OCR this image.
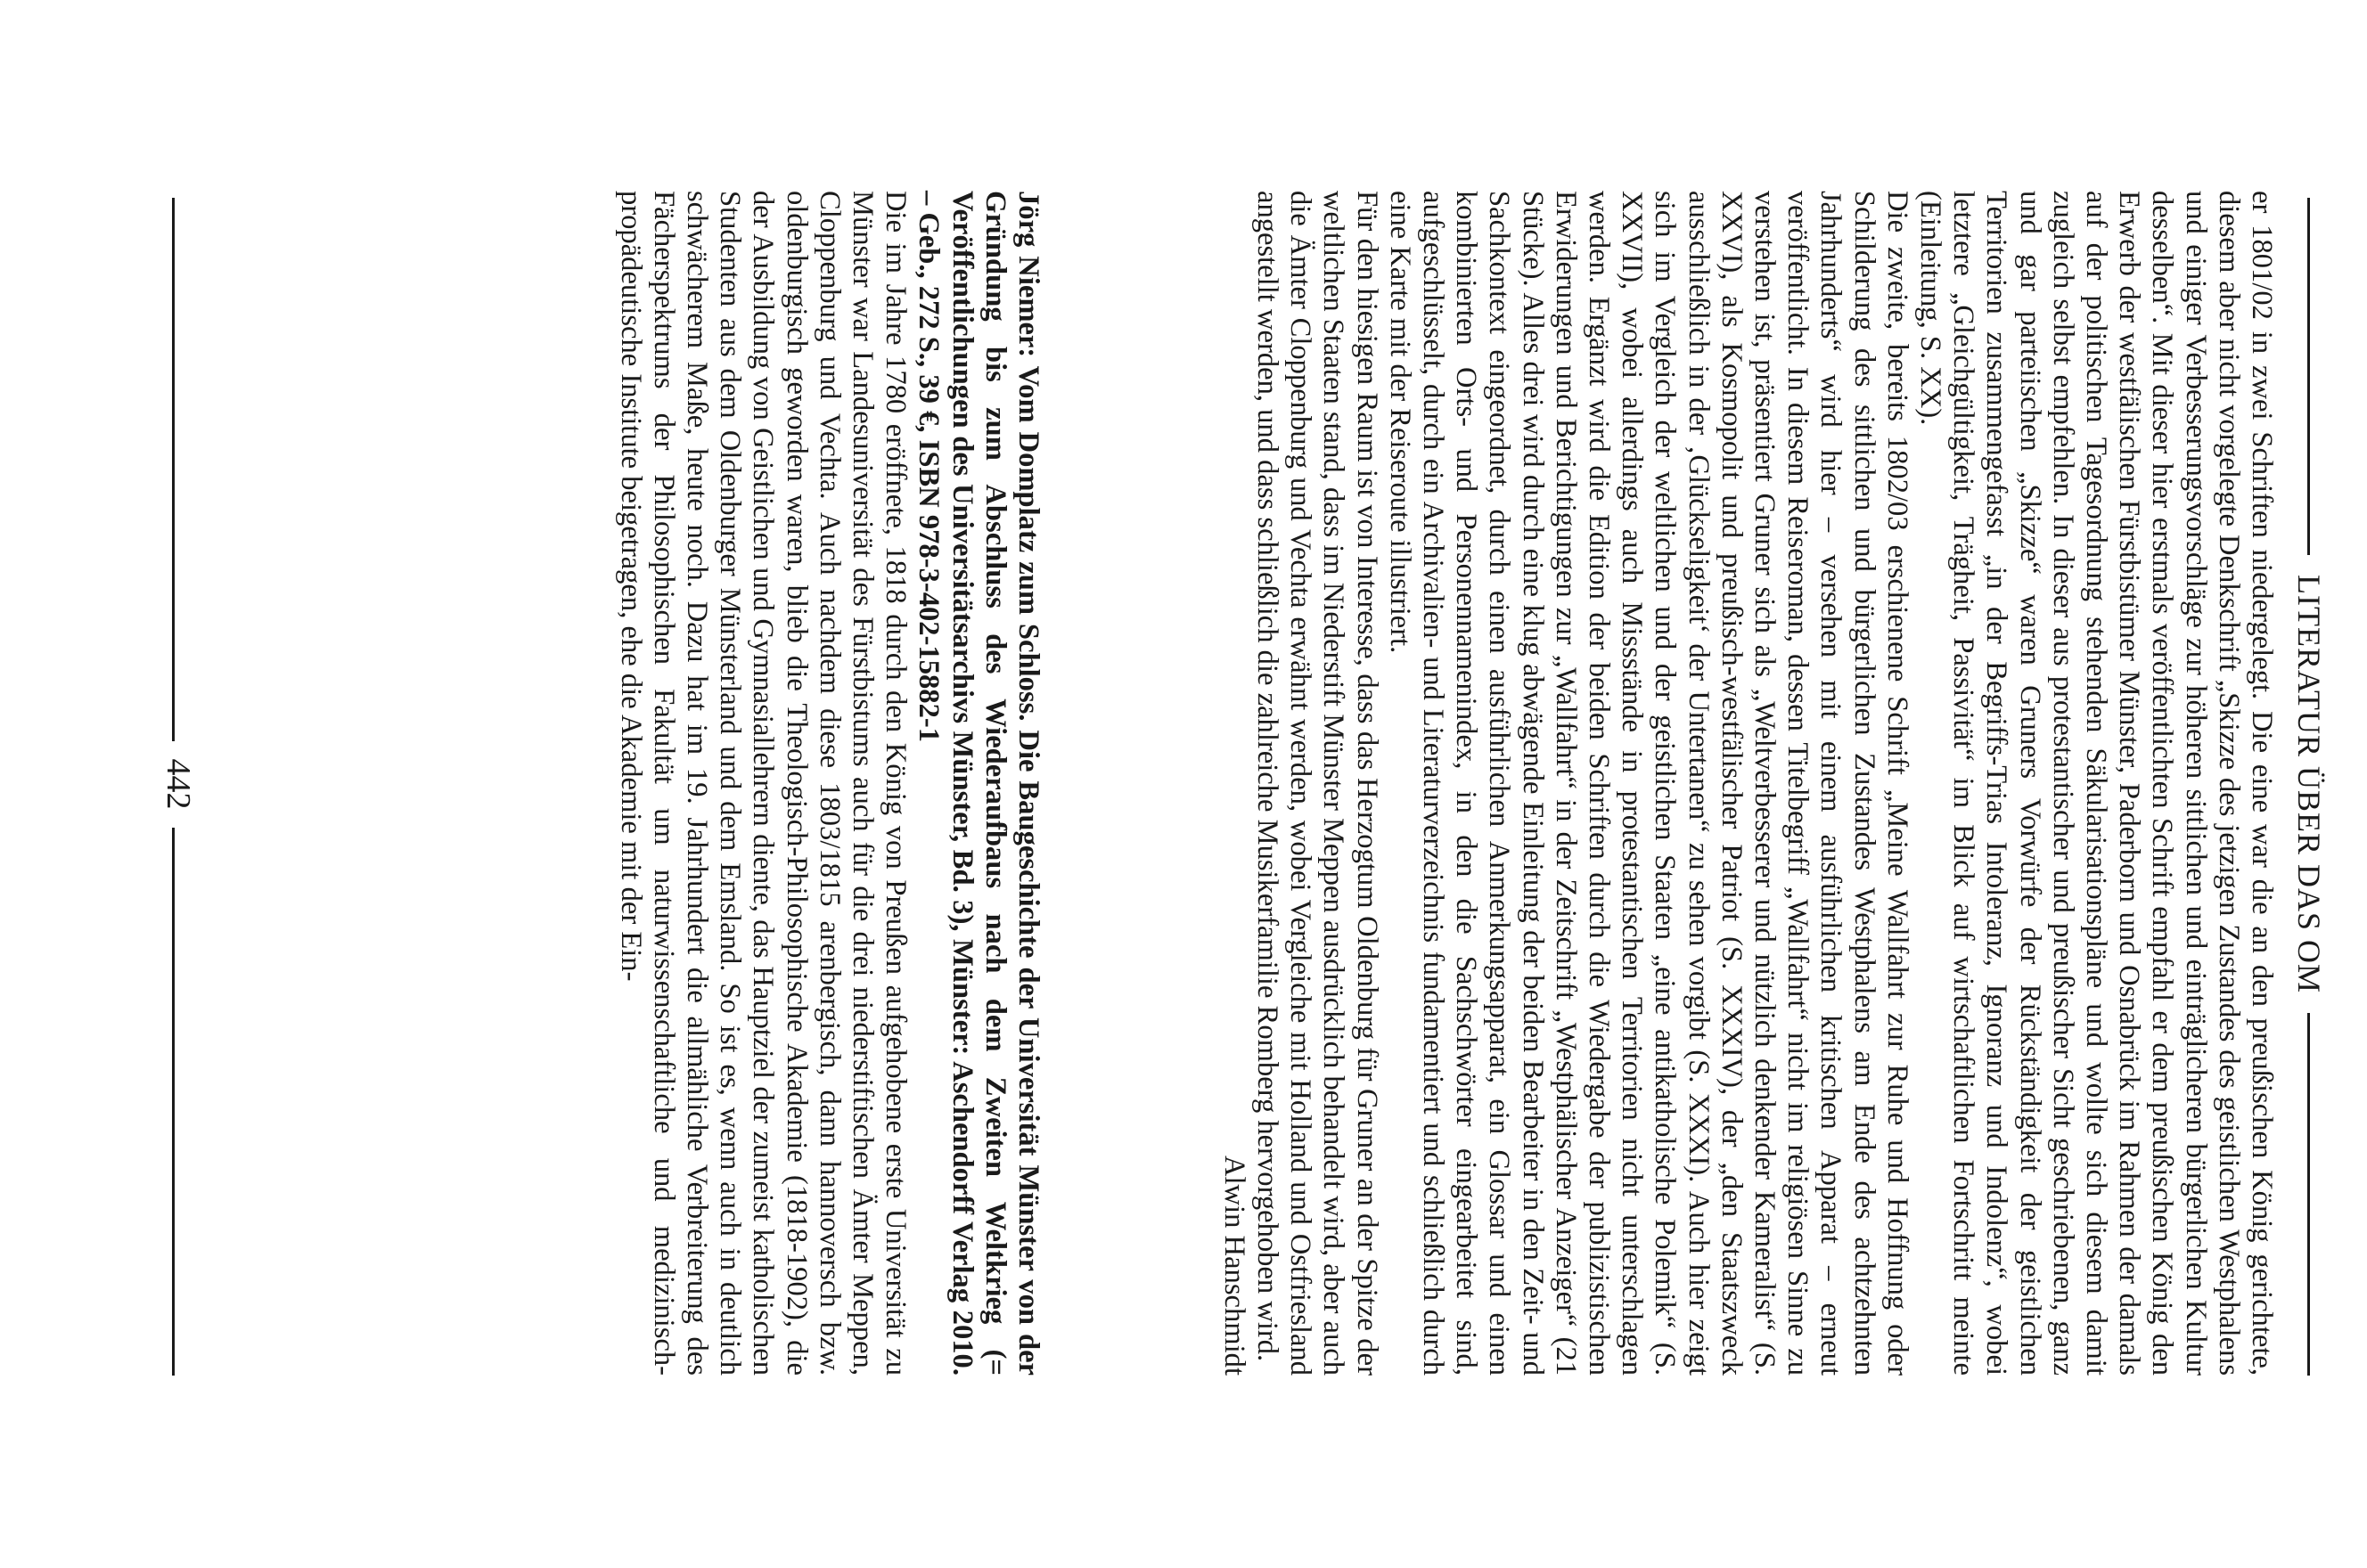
LITERATUR ÜBER DAS OM

er 1801/02 in zwei Schriften niedergelegt. Die eine war die an den preußischen König gerichtete, diesem aber nicht vorgelegte Denkschrift „Skizze des jetzigen Zustandes des geistlichen Westphalens und einiger Verbesserungsvorschläge zur höheren sittlichen und einträglicheren bürgerlichen Kultur desselben“. Mit dieser hier erstmals veröffentlichten Schrift empfahl er dem preußischen König den Erwerb der westfälischen Fürstbistümer Münster, Paderborn und Osnabrück im Rahmen der damals auf der politischen Tagesordnung stehenden Säkularisationspläne und wollte sich diesem damit zugleich selbst empfehlen. In dieser aus protestantischer und preußischer Sicht geschriebenen, ganz und gar parteiischen „Skizze“ waren Gruners Vorwürfe der Rückständigkeit der geistlichen Territorien zusammengefasst „in der Begriffs-Trias Intoleranz, Ignoranz und Indolenz“, wobei letztere „Gleichgültigkeit, Trägheit, Passivität“ im Blick auf wirtschaftlichen Fortschritt meinte (Einleitung, S. XX).

Die zweite, bereits 1802/03 erschienene Schrift „Meine Wallfahrt zur Ruhe und Hoffnung oder Schilderung des sittlichen und bürgerlichen Zustandes Westphalens am Ende des achtzehnten Jahrhunderts“ wird hier – versehen mit einem ausführlichen kritischen Apparat – erneut veröffentlicht. In diesem Reiseroman, dessen Titelbegriff „Wallfahrt“ nicht im religiösen Sinne zu verstehen ist, präsentiert Gruner sich als „Weltverbesserer und nützlich denkender Kameralist“ (S. XXVI), als Kosmopolit und preußisch-westfälischer Patriot (S. XXXIV), der „den Staatszweck ausschließlich in der ‚Glückseligkeit‘ der Untertanen“ zu sehen vorgibt (S. XXXI). Auch hier zeigt sich im Vergleich der weltlichen und der geistlichen Staaten „eine antikatholische Polemik“ (S. XXVII), wobei allerdings auch Missstände in protestantischen Territorien nicht unterschlagen werden. Ergänzt wird die Edition der beiden Schriften durch die Wiedergabe der publizistischen Erwiderungen und Berichtigungen zur „Wallfahrt“ in der Zeitschrift „Westphälischer Anzeiger“ (21 Stücke). Alles drei wird durch eine klug abwägende Einleitung der beiden Bearbeiter in den Zeit- und Sachkontext eingeordnet, durch einen ausführlichen Anmerkungsapparat, ein Glossar und einen kombinierten Orts- und Personennamenindex, in den die Sachschwörter eingearbeitet sind, aufgeschlüsselt, durch ein Archivalien- und Literaturverzeichnis fundamentiert und schließlich durch eine Karte mit der Reiseroute illustriert.

Für den hiesigen Raum ist von Interesse, dass das Herzogtum Oldenburg für Gruner an der Spitze der weltlichen Staaten stand, dass im Niederstift Münster Meppen ausdrücklich behandelt wird, aber auch die Ämter Cloppenburg und Vechta erwähnt werden, wobei Vergleiche mit Holland und Ostfriesland angestellt werden, und dass schließlich die zahlreiche Musikerfamilie Romberg hervorgehoben wird.

Alwin Hanschmidt

Jörg Niemer: Vom Domplatz zum Schloss. Die Baugeschichte der Universität Münster von der Gründung bis zum Abschluss des Wiederaufbaus nach dem Zweiten Weltkrieg (= Veröffentlichungen des Universitätsarchivs Münster, Bd. 3), Münster: Aschendorff Verlag 2010. – Geb., 272 S., 39 €, ISBN 978-3-402-15882-1

Die im Jahre 1780 eröffnete, 1818 durch den König von Preußen aufgehobene erste Universität zu Münster war Landesuniversität des Fürstbistums auch für die drei niederstiftischen Ämter Meppen, Cloppenburg und Vechta. Auch nachdem diese 1803/1815 arenbergisch, dann hannoversch bzw. oldenburgisch geworden waren, blieb die Theologisch-Philosophische Akademie (1818-1902), die der Ausbildung von Geistlichen und Gymnasiallehrern diente, das Hauptziel der zumeist katholischen Studenten aus dem Oldenburger Münsterland und dem Emsland. So ist es, wenn auch in deutlich schwächerem Maße, heute noch. Dazu hat im 19. Jahrhundert die allmähliche Verbreiterung des Fächerspektrums der Philosophischen Fakultät um naturwissenschaftliche und medizinisch-propädeutische Institute beigetragen, ehe die Akademie mit der Ein-

442
